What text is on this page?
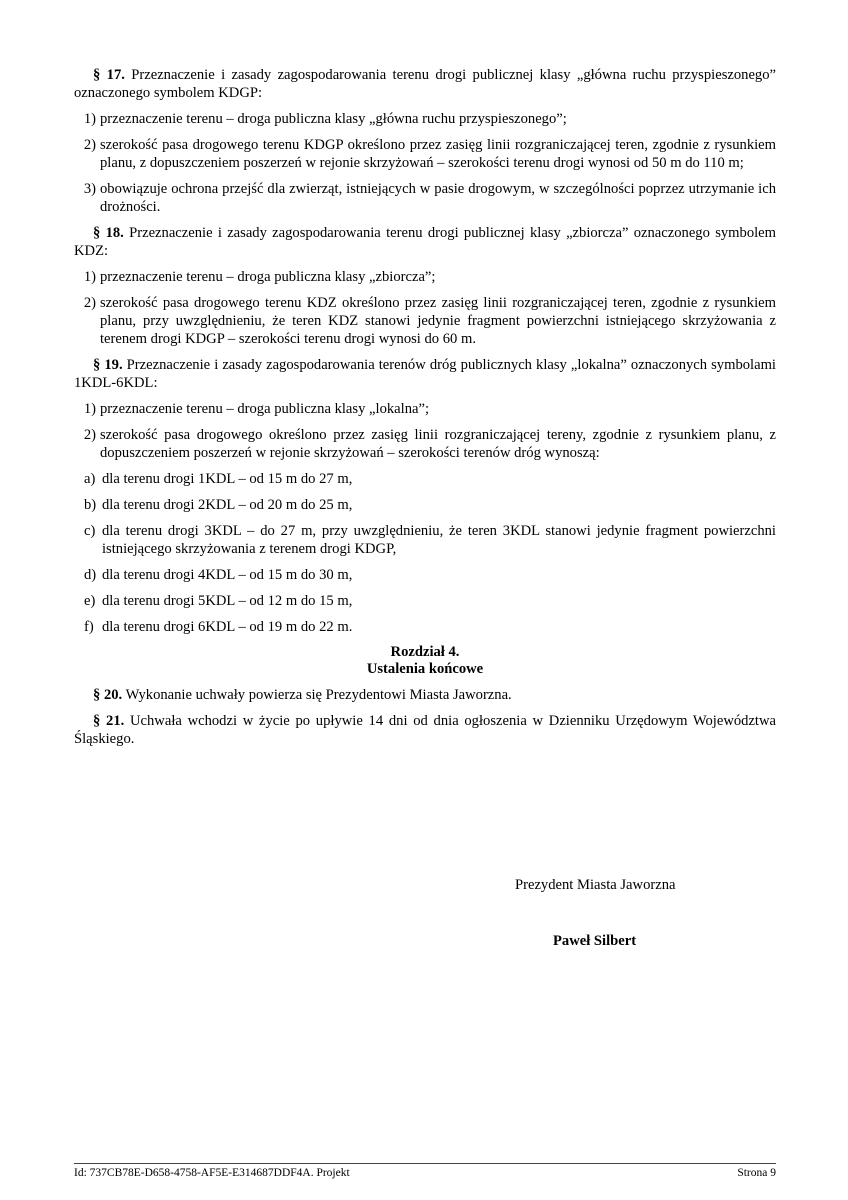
§ 17. Przeznaczenie i zasady zagospodarowania terenu drogi publicznej klasy „główna ruchu przyspieszonego” oznaczonego symbolem KDGP:

1) przeznaczenie terenu – droga publiczna klasy „główna ruchu przyspieszonego”;
2) szerokość pasa drogowego terenu KDGP określono przez zasięg linii rozgraniczającej teren, zgodnie z rysunkiem planu, z dopuszczeniem poszerzeń w rejonie skrzyżowań – szerokości terenu drogi wynosi od 50 m do 110 m;
3) obowiązuje ochrona przejść dla zwierząt, istniejących w pasie drogowym, w szczególności poprzez utrzymanie ich drożności.

§ 18. Przeznaczenie i zasady zagospodarowania terenu drogi publicznej klasy „zbiorcza” oznaczonego symbolem KDZ:

1) przeznaczenie terenu – droga publiczna klasy „zbiorcza”;
2) szerokość pasa drogowego terenu KDZ określono przez zasięg linii rozgraniczającej teren, zgodnie z rysunkiem planu, przy uwzględnieniu, że teren KDZ stanowi jedynie fragment powierzchni istniejącego skrzyżowania z terenem drogi KDGP – szerokości terenu drogi wynosi do 60 m.

§ 19. Przeznaczenie i zasady zagospodarowania terenów dróg publicznych klasy „lokalna” oznaczonych symbolami 1KDL-6KDL:

1) przeznaczenie terenu – droga publiczna klasy „lokalna”;
2) szerokość pasa drogowego określono przez zasięg linii rozgraniczającej tereny, zgodnie z rysunkiem planu, z dopuszczeniem poszerzeń w rejonie skrzyżowań – szerokości terenów dróg wynoszą:
a) dla terenu drogi 1KDL – od 15 m do 27 m,
b) dla terenu drogi 2KDL – od 20 m do 25 m,
c) dla terenu drogi 3KDL – do 27 m, przy uwzględnieniu, że teren 3KDL stanowi jedynie fragment powierzchni istniejącego skrzyżowania z terenem drogi KDGP,
d) dla terenu drogi 4KDL – od 15 m do 30 m,
e) dla terenu drogi 5KDL – od 12 m do 15 m,
f) dla terenu drogi 6KDL – od 19 m do 22 m.
Rozdział 4.
Ustalenia końcowe

§ 20. Wykonanie uchwały powierza się Prezydentowi Miasta Jaworzna.

§ 21. Uchwała wchodzi w życie po upływie 14 dni od dnia ogłoszenia w Dzienniku Urzędowym Województwa Śląskiego.

Prezydent Miasta Jaworzna
Paweł Silbert
Id: 737CB78E-D658-4758-AF5E-E314687DDF4A. Projekt	Strona 9
